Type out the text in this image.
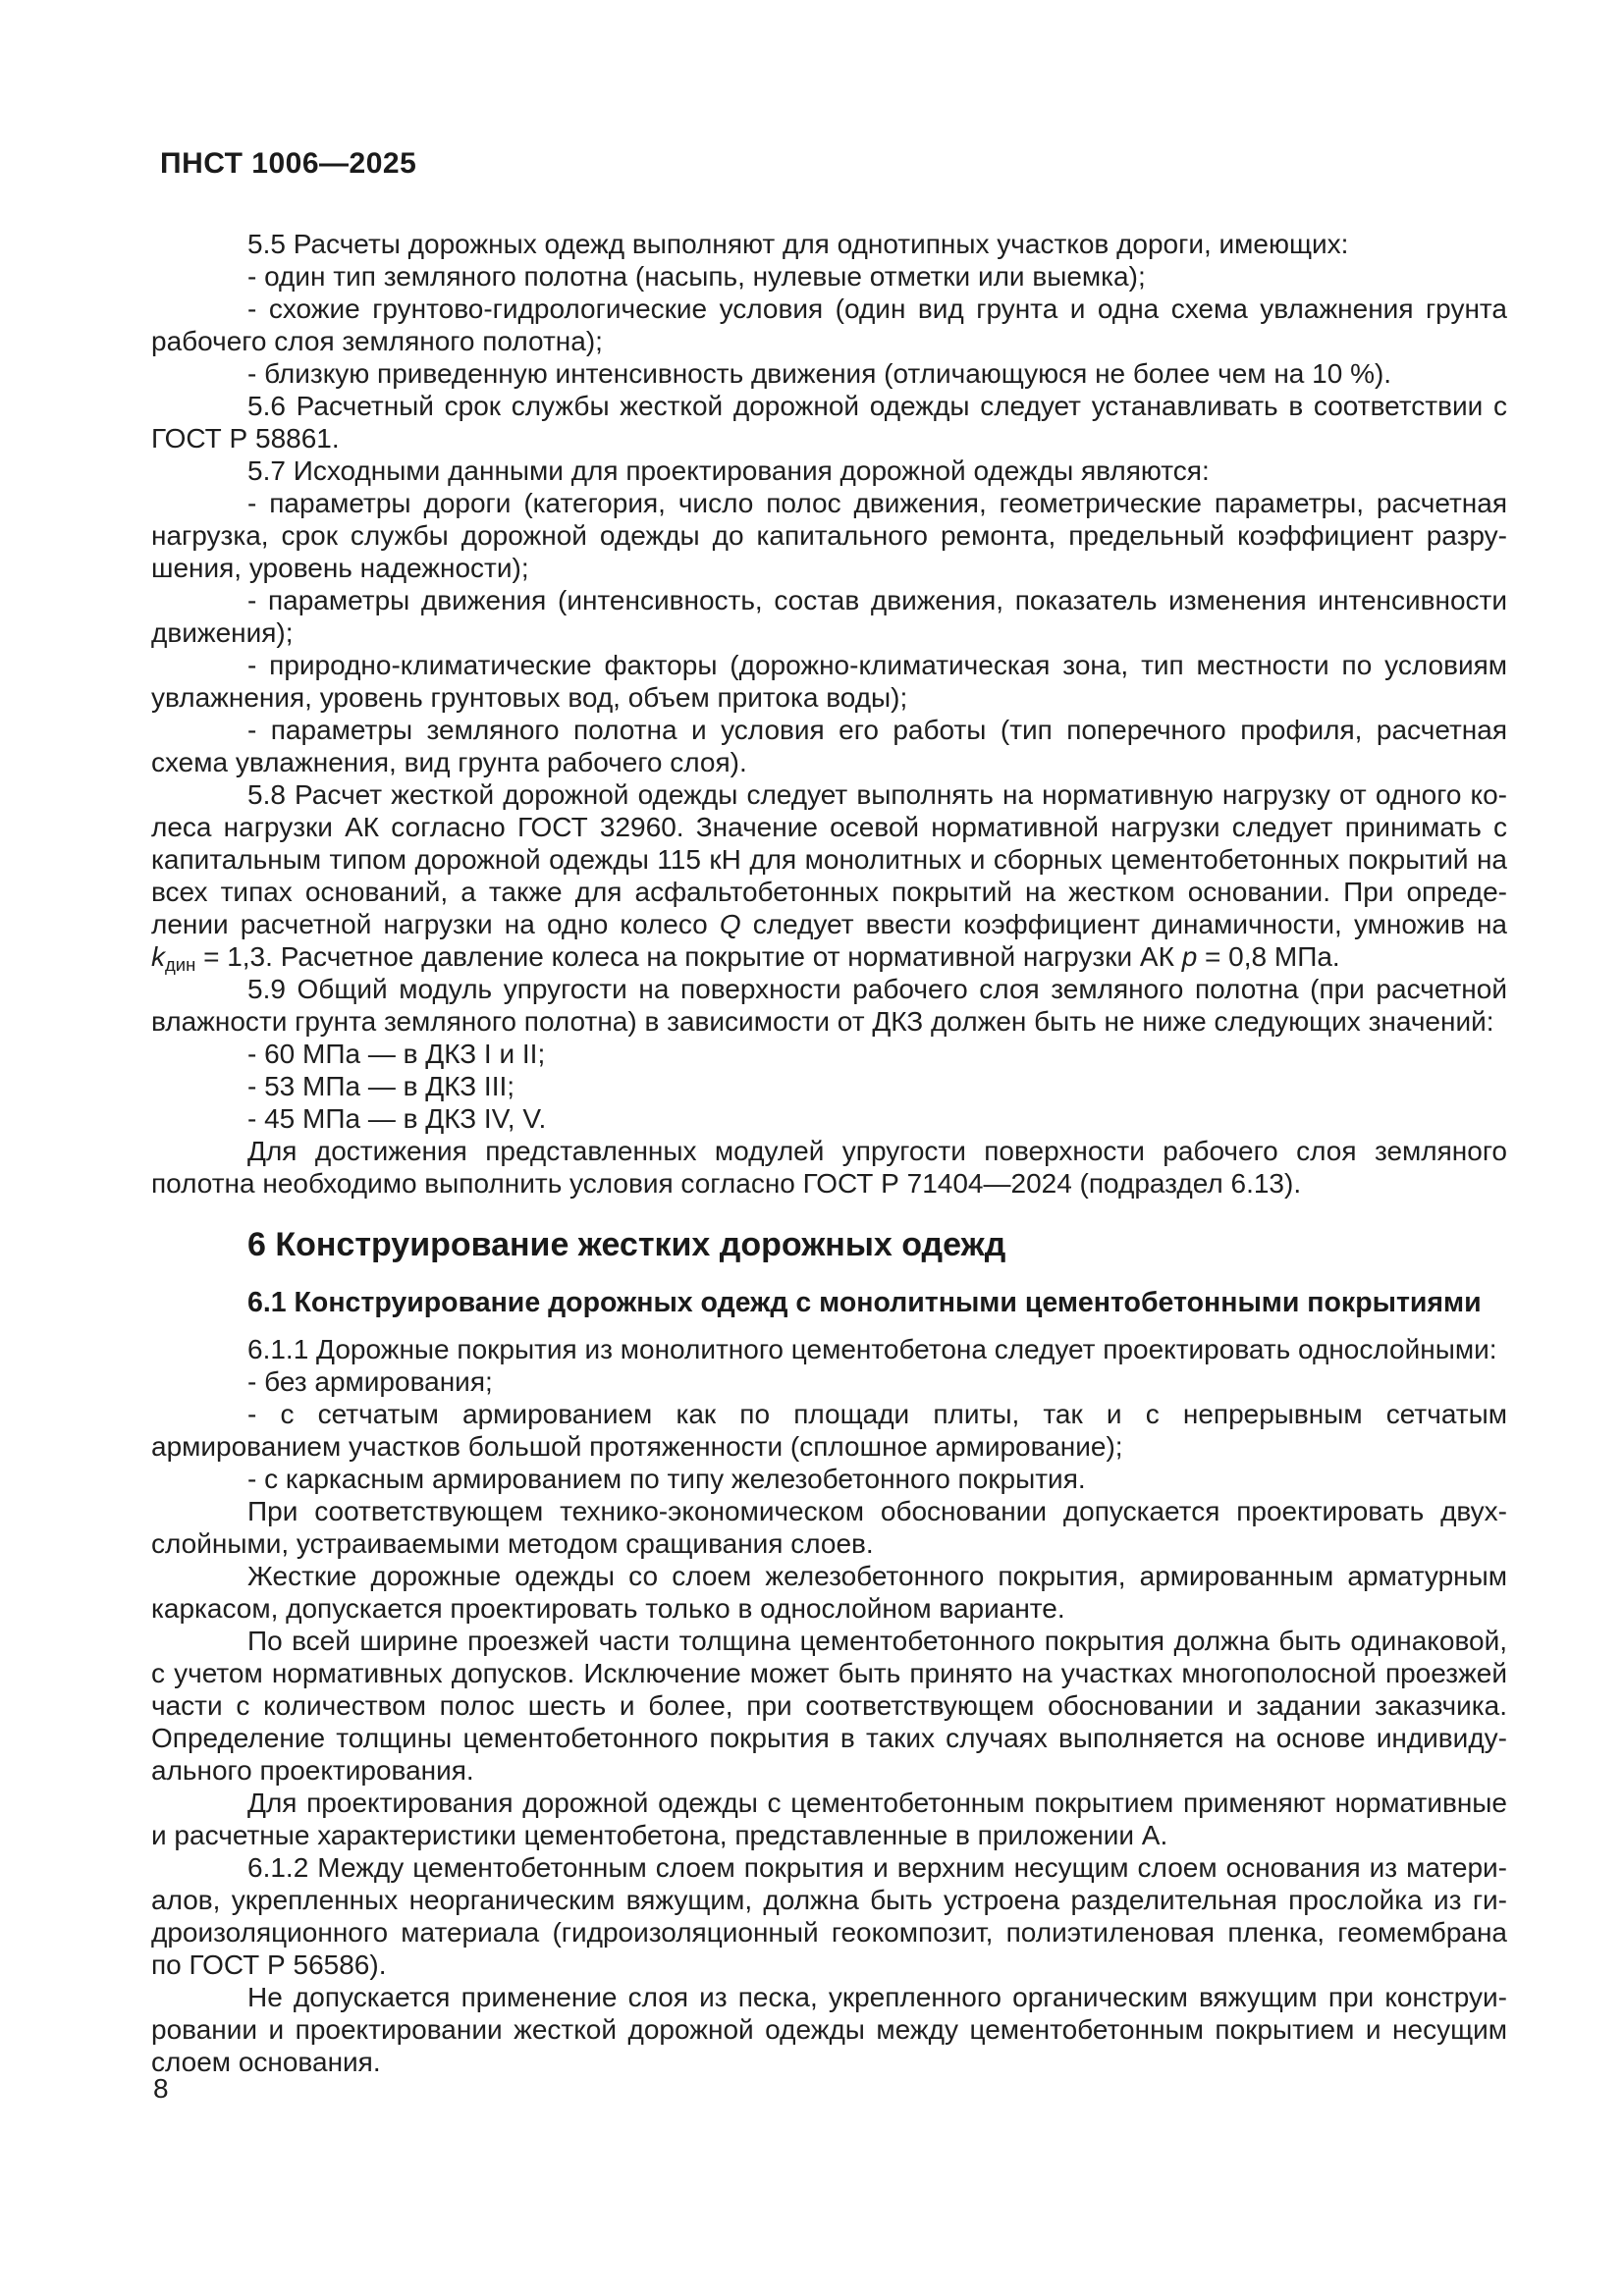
ПНСТ 1006—2025

5.5 Расчеты дорожных одежд выполняют для однотипных участков дороги, имеющих:

- один тип земляного полотна (насыпь, нулевые отметки или выемка);

- схожие грунтово-гидрологические условия (один вид грунта и одна схема увлажнения грунта рабочего слоя земляного полотна);

- близкую приведенную интенсивность движения (отличающуюся не более чем на 10 %).

5.6 Расчетный срок службы жесткой дорожной одежды следует устанавливать в соответствии с ГОСТ Р 58861.

5.7 Исходными данными для проектирования дорожной одежды являются:

- параметры дороги (категория, число полос движения, геометрические параметры, расчетная нагрузка, срок службы дорожной одежды до капитального ремонта, предельный коэффициент разрушения, уровень надежности);

- параметры движения (интенсивность, состав движения, показатель изменения интенсивности движения);

- природно-климатические факторы (дорожно-климатическая зона, тип местности по условиям увлажнения, уровень грунтовых вод, объем притока воды);

- параметры земляного полотна и условия его работы (тип поперечного профиля, расчетная схема увлажнения, вид грунта рабочего слоя).

5.8 Расчет жесткой дорожной одежды следует выполнять на нормативную нагрузку от одного колеса нагрузки АК согласно ГОСТ 32960. Значение осевой нормативной нагрузки следует принимать с капитальным типом дорожной одежды 115 кН для монолитных и сборных цементобетонных покрытий на всех типах оснований, а также для асфальтобетонных покрытий на жестком основании. При определении расчетной нагрузки на одно колесо Q следует ввести коэффициент динамичности, умножив на $k_{дин} = 1,3$. Расчетное давление колеса на покрытие от нормативной нагрузки АК p = 0,8 МПа.

5.9 Общий модуль упругости на поверхности рабочего слоя земляного полотна (при расчетной влажности грунта земляного полотна) в зависимости от ДКЗ должен быть не ниже следующих значений:

- 60 МПа — в ДКЗ I и II;

- 53 МПа — в ДКЗ III;

- 45 МПа — в ДКЗ IV, V.

Для достижения представленных модулей упругости поверхности рабочего слоя земляного полотна необходимо выполнить условия согласно ГОСТ Р 71404—2024 (подраздел 6.13).

6 Конструирование жестких дорожных одежд
6.1 Конструирование дорожных одежд с монолитными цементобетонными покрытиями

6.1.1 Дорожные покрытия из монолитного цементобетона следует проектировать однослойными:

- без армирования;

- с сетчатым армированием как по площади плиты, так и с непрерывным сетчатым армированием участков большой протяженности (сплошное армирование);

- с каркасным армированием по типу железобетонного покрытия.

При соответствующем технико-экономическом обосновании допускается проектировать двухслойными, устраиваемыми методом сращивания слоев.

Жесткие дорожные одежды со слоем железобетонного покрытия, армированным арматурным каркасом, допускается проектировать только в однослойном варианте.

По всей ширине проезжей части толщина цементобетонного покрытия должна быть одинаковой, с учетом нормативных допусков. Исключение может быть принято на участках многополосной проезжей части с количеством полос шесть и более, при соответствующем обосновании и задании заказчика. Определение толщины цементобетонного покрытия в таких случаях выполняется на основе индивидуального проектирования.

Для проектирования дорожной одежды с цементобетонным покрытием применяют нормативные и расчетные характеристики цементобетона, представленные в приложении А.

6.1.2 Между цементобетонным слоем покрытия и верхним несущим слоем основания из материалов, укрепленных неорганическим вяжущим, должна быть устроена разделительная прослойка из гидроизоляционного материала (гидроизоляционный геокомпозит, полиэтиленовая пленка, геомембрана по ГОСТ Р 56586).

Не допускается применение слоя из песка, укрепленного органическим вяжущим при конструировании и проектировании жесткой дорожной одежды между цементобетонным покрытием и несущим слоем основания.

8
